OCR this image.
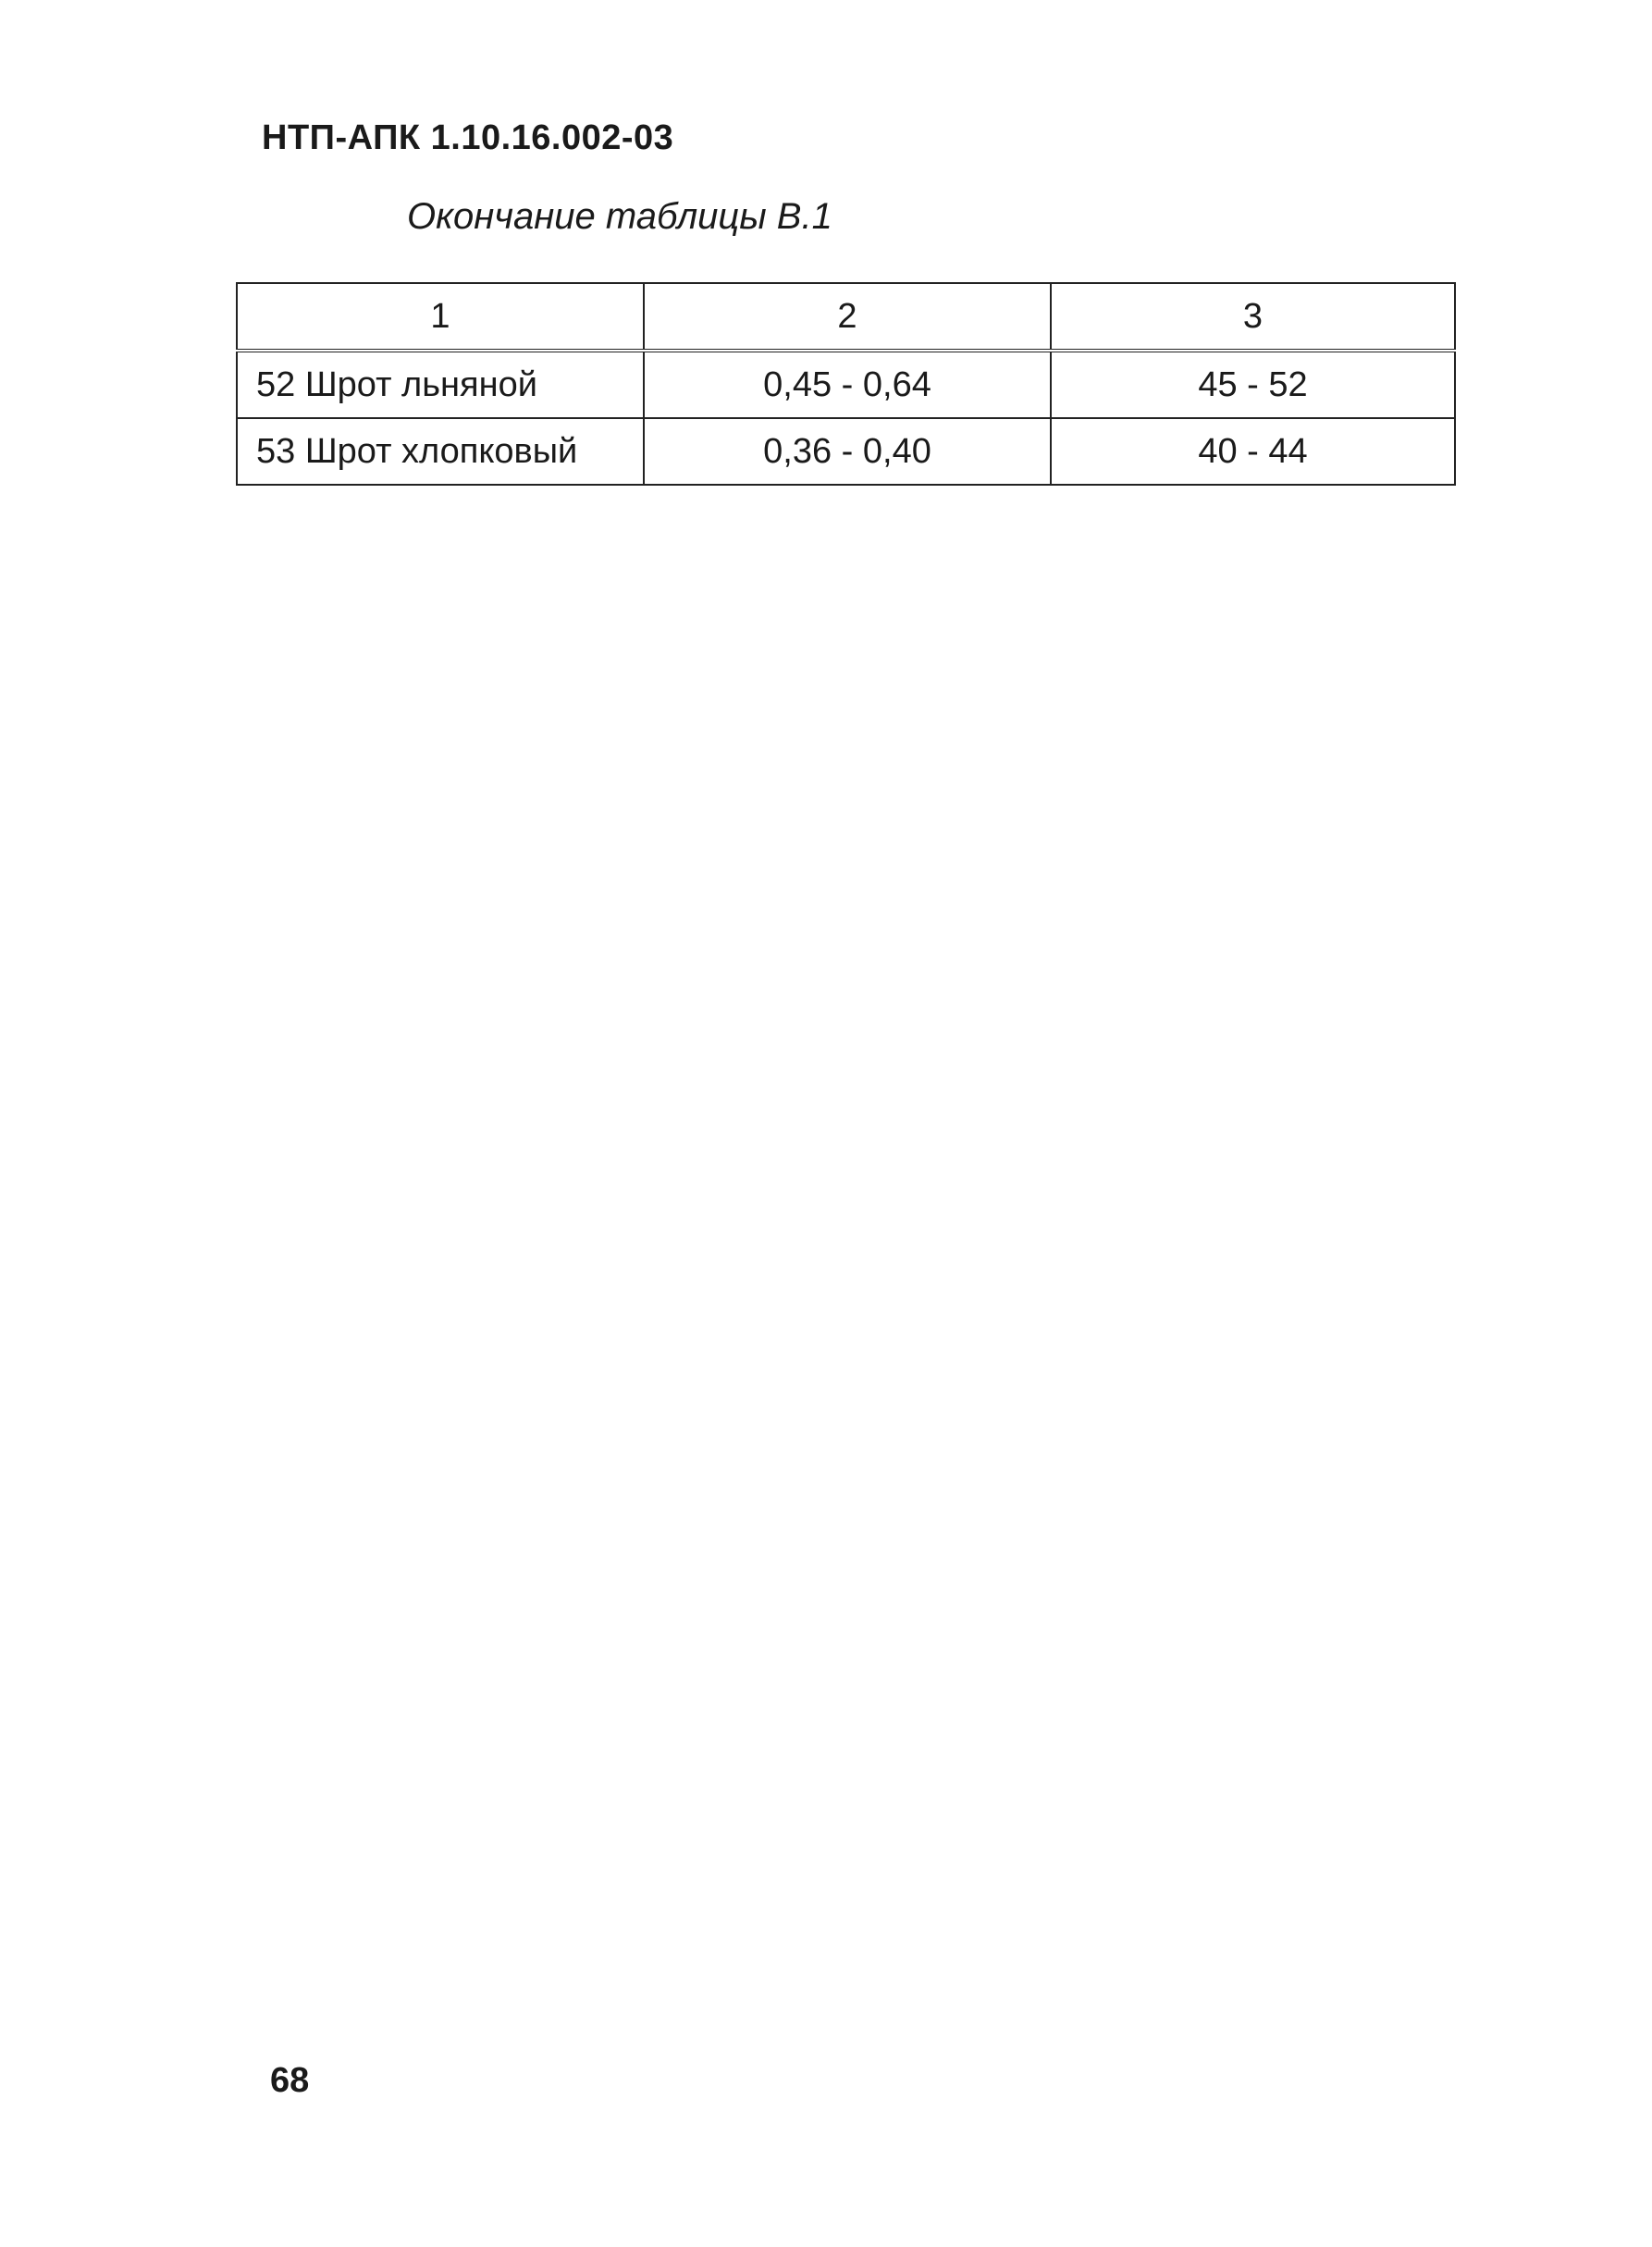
НТП-АПК 1.10.16.002-03

Окончание таблицы В.1

1	2	3
52 Шрот льняной	0,45 - 0,64	45 - 52
53 Шрот хлопковый	0,36 - 0,40	40 - 44

68
